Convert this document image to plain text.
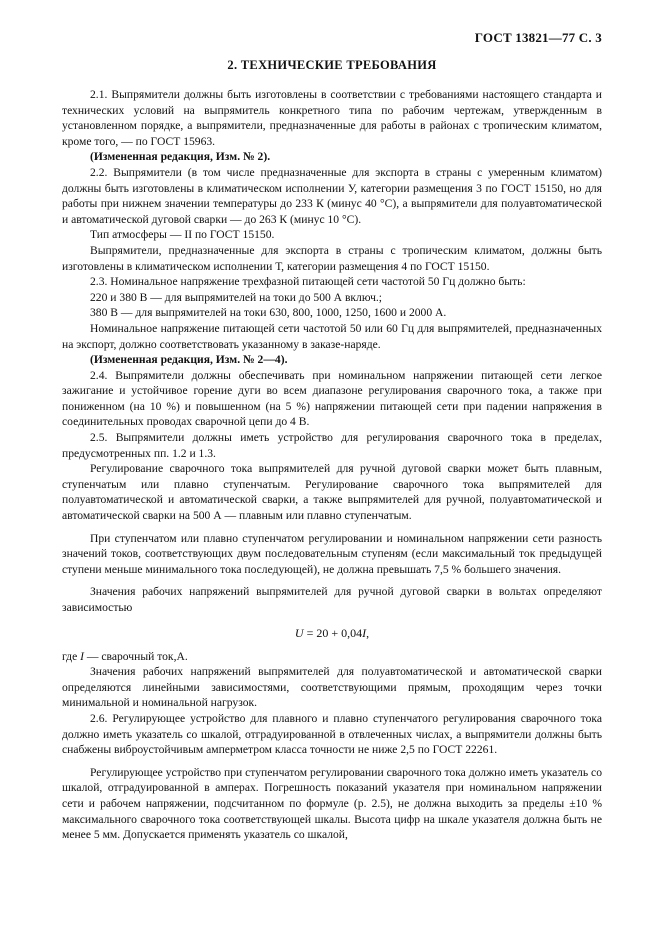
ГОСТ 13821—77 С. 3
2. ТЕХНИЧЕСКИЕ ТРЕБОВАНИЯ

2.1. Выпрямители должны быть изготовлены в соответствии с требованиями настоящего стандарта и технических условий на выпрямитель конкретного типа по рабочим чертежам, утвержденным в установленном порядке, а выпрямители, предназначенные для работы в районах с тропическим климатом, кроме того, — по ГОСТ 15963.

(Измененная редакция, Изм. № 2).

2.2. Выпрямители (в том числе предназначенные для экспорта в страны с умеренным климатом) должны быть изготовлены в климатическом исполнении У, категории размещения 3 по ГОСТ 15150, но для работы при нижнем значении температуры до 233 К (минус 40 °С), а выпрямители для полуавтоматической и автоматической дуговой сварки — до 263 К (минус 10 °С).

Тип атмосферы — II по ГОСТ 15150.

Выпрямители, предназначенные для экспорта в страны с тропическим климатом, должны быть изготовлены в климатическом исполнении Т, категории размещения 4 по ГОСТ 15150.

2.3. Номинальное напряжение трехфазной питающей сети частотой 50 Гц должно быть:

220 и 380 В — для выпрямителей на токи до 500 А включ.;

380 В — для выпрямителей на токи 630, 800, 1000, 1250, 1600 и 2000 А.

Номинальное напряжение питающей сети частотой 50 или 60 Гц для выпрямителей, предназначенных на экспорт, должно соответствовать указанному в заказе-наряде.

(Измененная редакция, Изм. № 2—4).

2.4. Выпрямители должны обеспечивать при номинальном напряжении питающей сети легкое зажигание и устойчивое горение дуги во всем диапазоне регулирования сварочного тока, а также при пониженном (на 10 %) и повышенном (на 5 %) напряжении питающей сети при падении напряжения в соединительных проводах сварочной цепи до 4 В.

2.5. Выпрямители должны иметь устройство для регулирования сварочного тока в пределах, предусмотренных пп. 1.2 и 1.3.

Регулирование сварочного тока выпрямителей для ручной дуговой сварки может быть плавным, ступенчатым или плавно ступенчатым. Регулирование сварочного тока выпрямителей для полуавтоматической и автоматической сварки, а также выпрямителей для ручной, полуавтоматической и автоматической сварки на 500 А — плавным или плавно ступенчатым.

При ступенчатом или плавно ступенчатом регулировании и номинальном напряжении сети разность значений токов, соответствующих двум последовательным ступеням (если максимальный ток предыдущей ступени меньше минимального тока последующей), не должна превышать 7,5 % большего значения.

Значения рабочих напряжений выпрямителей для ручной дуговой сварки в вольтах определяют зависимостью

U = 20 + 0,04I,

где I — сварочный ток,А.

Значения рабочих напряжений выпрямителей для полуавтоматической и автоматической сварки определяются линейными зависимостями, соответствующими прямым, проходящим через точки минимальной и номинальной нагрузок.

2.6. Регулирующее устройство для плавного и плавно ступенчатого регулирования сварочного тока должно иметь указатель со шкалой, отградуированной в отвлеченных числах, а выпрямители должны быть снабжены виброустойчивым амперметром класса точности не ниже 2,5 по ГОСТ 22261.

Регулирующее устройство при ступенчатом регулировании сварочного тока должно иметь указатель со шкалой, отградуированной в амперах. Погрешность показаний указателя при номинальном напряжении сети и рабочем напряжении, подсчитанном по формуле (р. 2.5), не должна выходить за пределы ±10 % максимального сварочного тока соответствующей шкалы. Высота цифр на шкале указателя должна быть не менее 5 мм. Допускается применять указатель со шкалой,
